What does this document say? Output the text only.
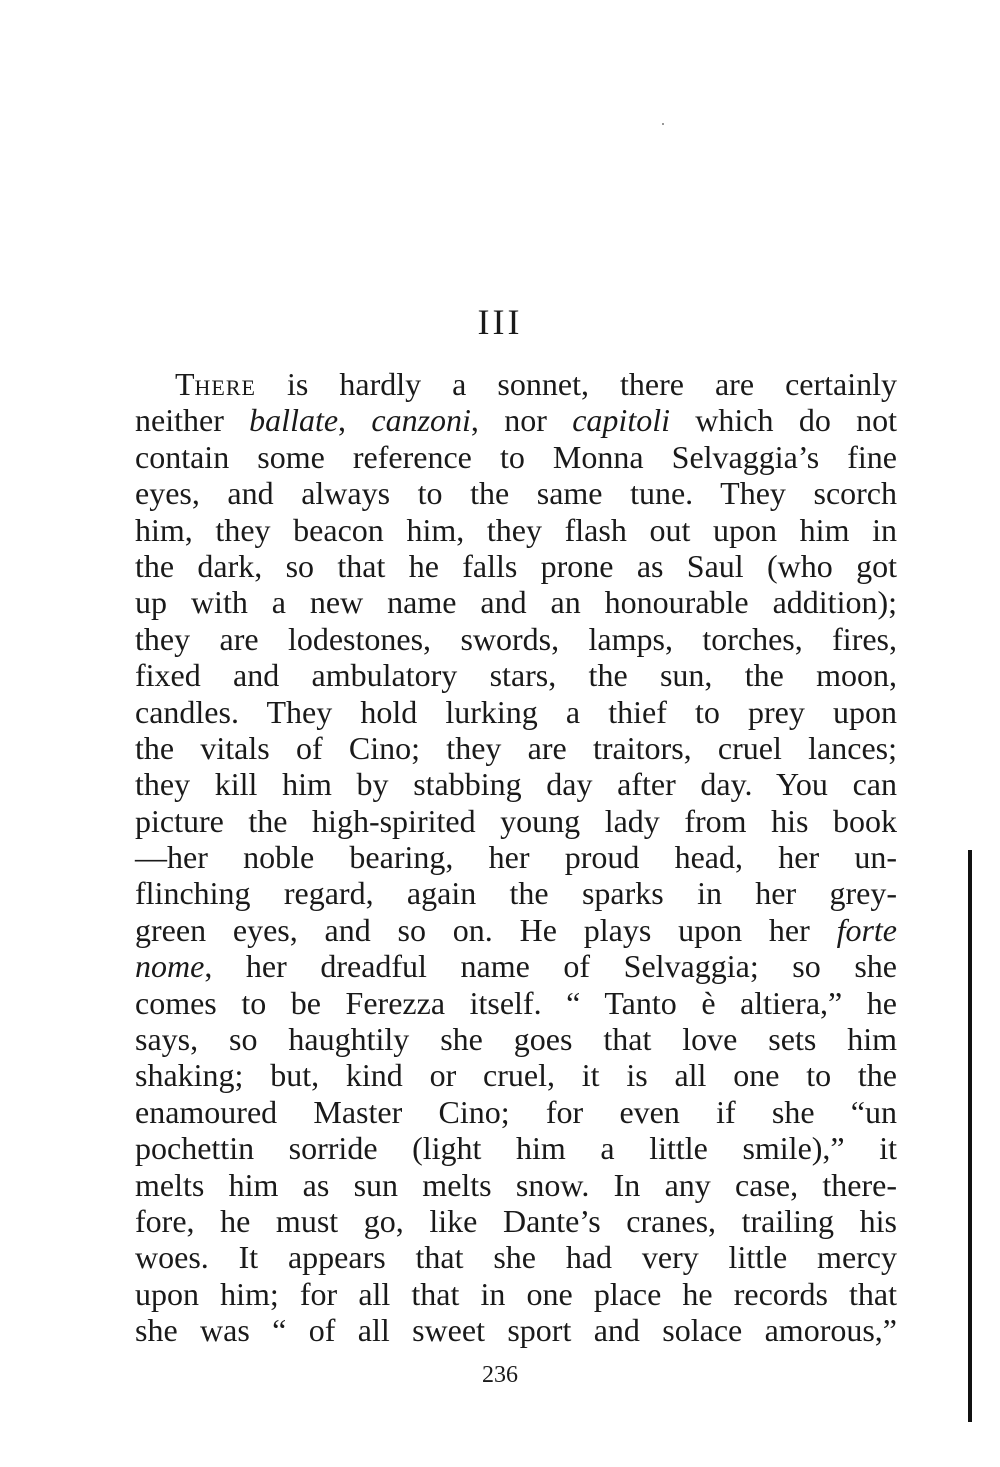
III
There is hardly a sonnet, there are certainly
neither ballate, canzoni, nor capitoli which do not
contain some reference to Monna Selvaggia’s fine
eyes, and always to the same tune. They scorch
him, they beacon him, they flash out upon him in
the dark, so that he falls prone as Saul (who got
up with a new name and an honourable addition);
they are lodestones, swords, lamps, torches, fires,
fixed and ambulatory stars, the sun, the moon,
candles. They hold lurking a thief to prey upon
the vitals of Cino; they are traitors, cruel lances;
they kill him by stabbing day after day. You can
picture the high-spirited young lady from his book
—her noble bearing, her proud head, her un-
flinching regard, again the sparks in her grey-
green eyes, and so on. He plays upon her forte
nome, her dreadful name of Selvaggia; so she
comes to be Ferezza itself. “ Tanto è altiera,” he
says, so haughtily she goes that love sets him
shaking; but, kind or cruel, it is all one to the
enamoured Master Cino; for even if she “un
pochettin sorride (light him a little smile),” it
melts him as sun melts snow. In any case, there-
fore, he must go, like Dante’s cranes, trailing his
woes. It appears that she had very little mercy
upon him; for all that in one place he records that
she was “ of all sweet sport and solace amorous,”
236
